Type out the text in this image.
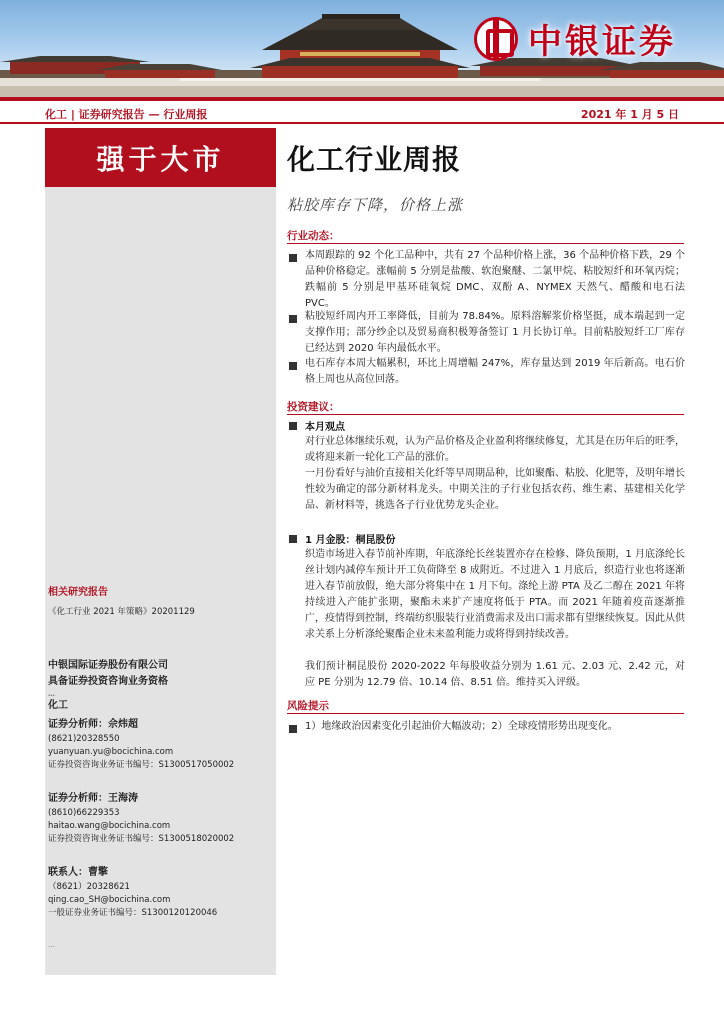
中银证券
化工 | 证券研究报告 — 行业周报	2021 年 1 月 5 日
强于大市
相关研究报告

《化工行业 2021 年策略》20201129

中银国际证券股份有限公司
具备证券投资咨询业务资格
…
化工
证券分析师：佘炜超
(8621)20328550
yuanyuan.yu@bocichina.com
证券投资咨询业务证书编号：S1300517050002
证券分析师：王海涛
(8610)66229353
haitao.wang@bocichina.com
证券投资咨询业务证书编号：S1300518020002
联系人：曹擎
（8621）20328621
qing.cao_SH@bocichina.com
一般证券业务证书编号：S1300120120046
…
化工行业周报
粘胶库存下降，价格上涨
行业动态：

本周跟踪的 92 个化工品种中，共有 27 个品种价格上涨，36 个品种价格下跌，29 个品种价格稳定。涨幅前 5 分别是盐酸、软泡聚醚、二氯甲烷、粘胶短纤和环氧丙烷；跌幅前 5 分别是甲基环硅氧烷 DMC、双酚 A、NYMEX 天然气、醋酸和电石法 PVC。

粘胶短纤周内开工率降低，目前为 78.84%。原料溶解浆价格坚挺，成本端起到一定支撑作用；部分纱企以及贸易商积极筹备签订 1 月长协订单。目前粘胶短纤工厂库存已经达到 2020 年内最低水平。

电石库存本周大幅累积，环比上周增幅 247%，库存量达到 2019 年后新高。电石价格上周也从高位回落。

投资建议：
本月观点

对行业总体继续乐观，认为产品价格及企业盈利将继续修复，尤其是在历年后的旺季，或将迎来新一轮化工产品的涨价。

一月份看好与油价直接相关化纤等早周期品种，比如聚酯、粘胶、化肥等，及明年增长性较为确定的部分新材料龙头。中期关注的子行业包括农药、维生素、基建相关化学品、新材料等，挑选各子行业优势龙头企业。

1 月金股：桐昆股份

织造市场进入春节前补库期，年底涤纶长丝装置亦存在检修、降负预期，1 月底涤纶长丝计划内减停车预计开工负荷降至 8 成附近。不过进入 1 月底后，织造行业也将逐渐进入春节前放假，绝大部分将集中在 1 月下旬。涤纶上游 PTA 及乙二醇在 2021 年将持续进入产能扩张期，聚酯未来扩产速度将低于 PTA。而 2021 年随着疫苗逐渐推广，疫情得到控制，终端纺织服装行业消费需求及出口需求都有望继续恢复。因此从供求关系上分析涤纶聚酯企业未来盈利能力或将得到持续改善。

我们预计桐昆股份 2020-2022 年每股收益分别为 1.61 元、2.03 元、2.42 元，对应 PE 分别为 12.79 倍、10.14 倍、8.51 倍。维持买入评级。

风险提示

1）地缘政治因素变化引起油价大幅波动；2）全球疫情形势出现变化。
